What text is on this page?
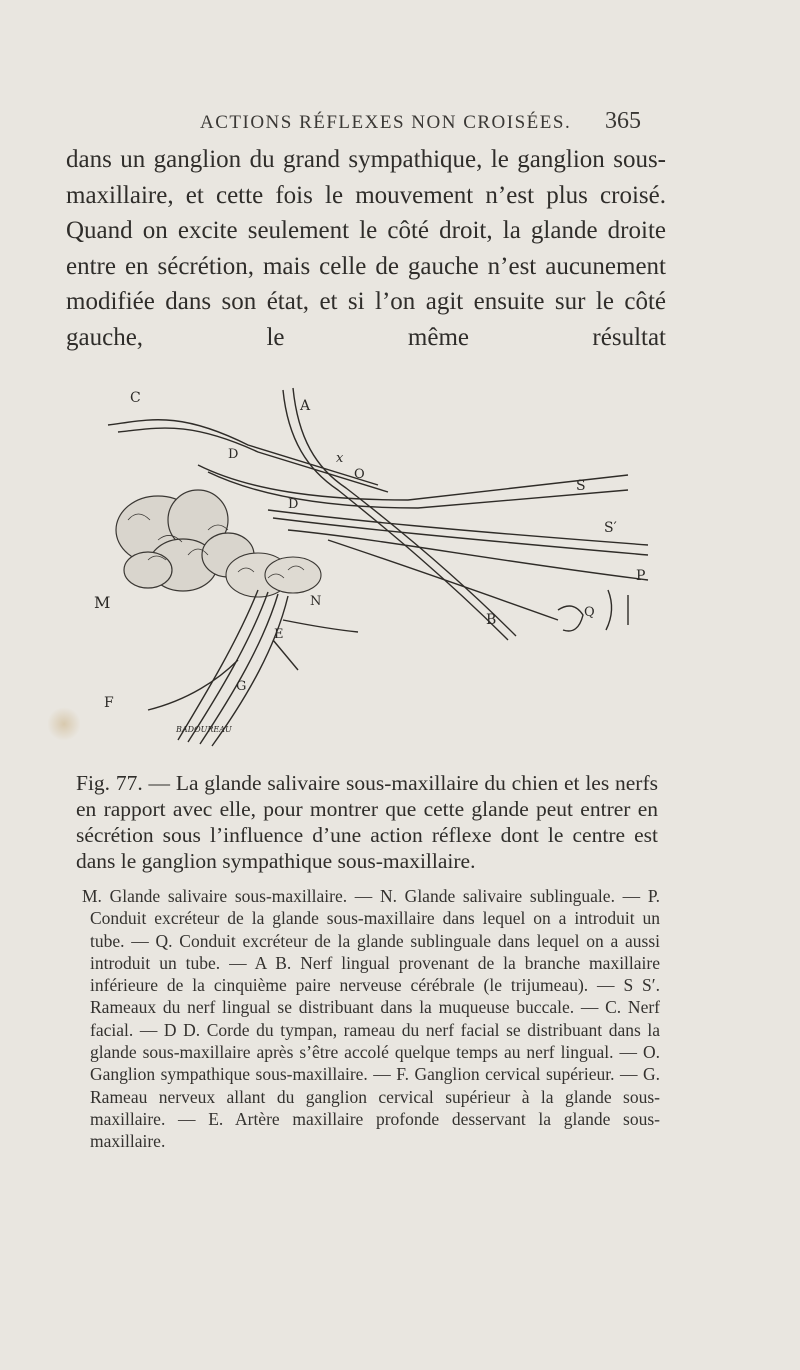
ACTIONS RÉFLEXES NON CROISÉES. 365

dans un ganglion du grand sympathique, le ganglion sous-maxillaire, et cette fois le mouvement n’est plus croisé. Quand on excite seulement le côté droit, la glande droite entre en sécrétion, mais celle de gauche n’est aucunement modifiée dans son état, et si l’on agit ensuite sur le côté gauche, le même résultat

C	A
D	x
O
S
D
S′
M	N
P
B	Q
E
G
F
BADOUREAU

Fig. 77. — La glande salivaire sous-maxillaire du chien et les nerfs en rapport avec elle, pour montrer que cette glande peut entrer en sécrétion sous l’influence d’une action réflexe dont le centre est dans le ganglion sympathique sous-maxillaire.

M. Glande salivaire sous-maxillaire. — N. Glande salivaire sublinguale. — P. Conduit excréteur de la glande sous-maxillaire dans lequel on a introduit un tube. — Q. Conduit excréteur de la glande sublinguale dans lequel on a aussi introduit un tube. — A B. Nerf lingual provenant de la branche maxillaire inférieure de la cinquième paire nerveuse cérébrale (le trijumeau). — S S′. Rameaux du nerf lingual se distribuant dans la muqueuse buccale. — C. Nerf facial. — D D. Corde du tympan, rameau du nerf facial se distribuant dans la glande sous-maxillaire après s’être accolé quelque temps au nerf lingual. — O. Ganglion sympathique sous-maxillaire. — F. Ganglion cervical supérieur. — G. Rameau nerveux allant du ganglion cervical supérieur à la glande sous-maxillaire. — E. Artère maxillaire profonde desservant la glande sous-maxillaire.
